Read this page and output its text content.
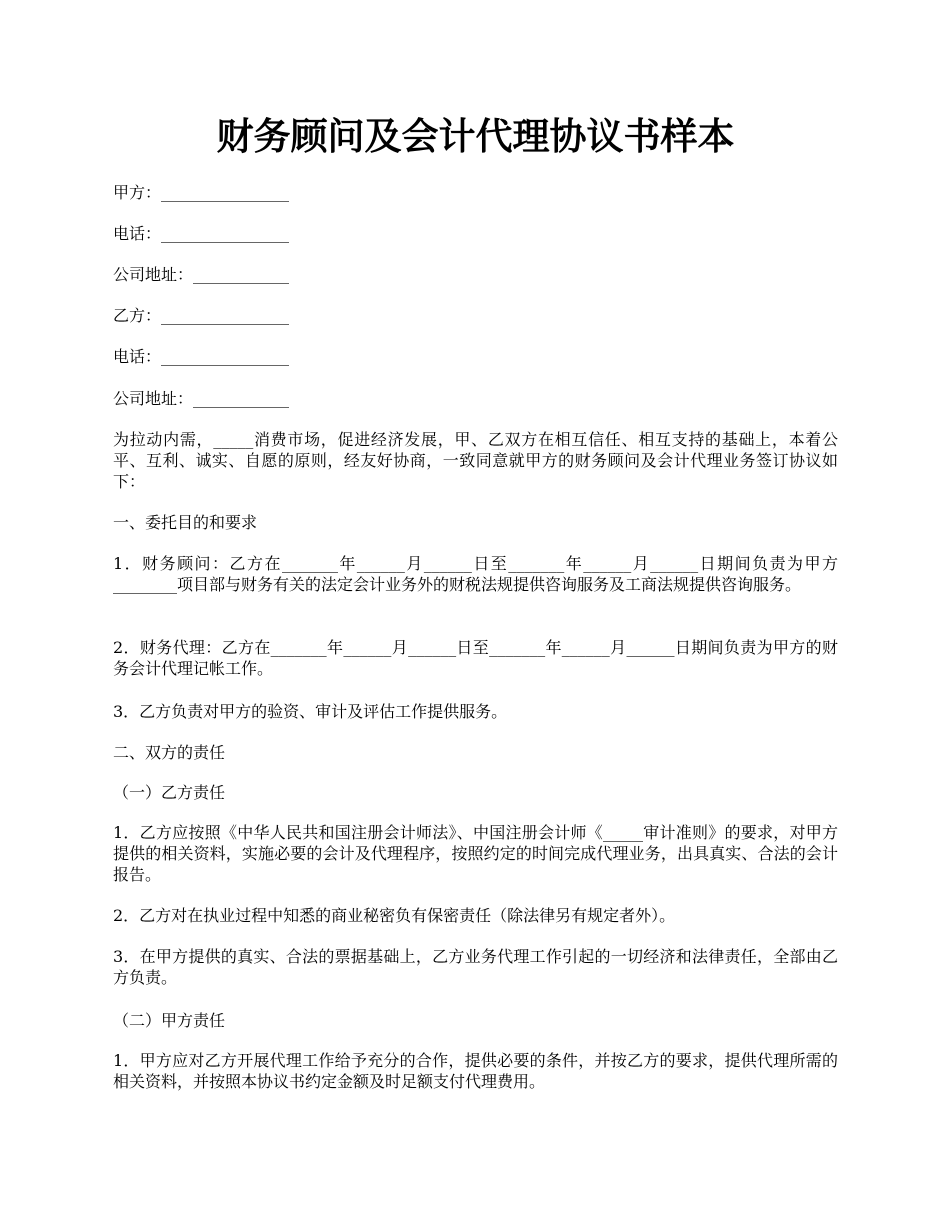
财务顾问及会计代理协议书样本
甲方：________________
电话：________________
公司地址：____________
乙方：________________
电话：________________
公司地址：____________

为拉动内需，_____消费市场，促进经济发展，甲、乙双方在相互信任、相互支持的基础上，本着公平、互利、诚实、自愿的原则，经友好协商，一致同意就甲方的财务顾问及会计代理业务签订协议如下：

一、委托目的和要求

1．财务顾问：乙方在_______年______月______日至_______年______月______日期间负责为甲方________项目部与财务有关的法定会计业务外的财税法规提供咨询服务及工商法规提供咨询服务。

2．财务代理：乙方在_______年______月______日至_______年______月______日期间负责为甲方的财务会计代理记帐工作。

3．乙方负责对甲方的验资、审计及评估工作提供服务。

二、双方的责任

（一）乙方责任

1．乙方应按照《中华人民共和国注册会计师法》、中国注册会计师《_____审计准则》的要求，对甲方提供的相关资料，实施必要的会计及代理程序，按照约定的时间完成代理业务，出具真实、合法的会计报告。

2．乙方对在执业过程中知悉的商业秘密负有保密责任（除法律另有规定者外）。

3．在甲方提供的真实、合法的票据基础上，乙方业务代理工作引起的一切经济和法律责任，全部由乙方负责。

（二）甲方责任

1．甲方应对乙方开展代理工作给予充分的合作，提供必要的条件，并按乙方的要求，提供代理所需的相关资料，并按照本协议书约定金额及时足额支付代理费用。
